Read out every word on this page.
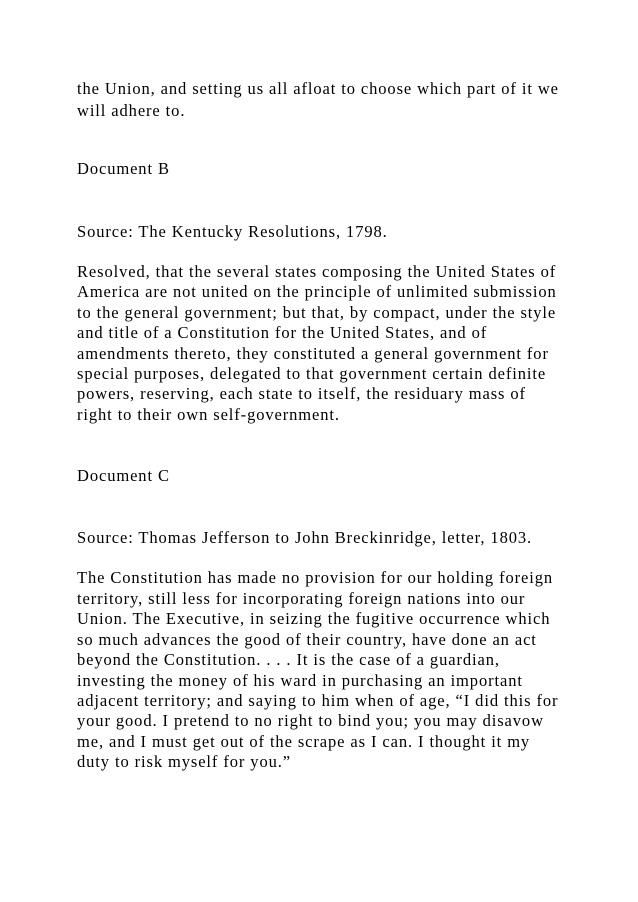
the Union, and setting us all afloat to choose which part of it we
will adhere to.
Document B
Source: The Kentucky Resolutions, 1798.
Resolved, that the several states composing the United States of
America are not united on the principle of unlimited submission
to the general government; but that, by compact, under the style
and title of a Constitution for the United States, and of
amendments thereto, they constituted a general government for
special purposes, delegated to that government certain definite
powers, reserving, each state to itself, the residuary mass of
right to their own self-government.
Document C
Source: Thomas Jefferson to John Breckinridge, letter, 1803.
The Constitution has made no provision for our holding foreign
territory, still less for incorporating foreign nations into our
Union. The Executive, in seizing the fugitive occurrence which
so much advances the good of their country, have done an act
beyond the Constitution. . . . It is the case of a guardian,
investing the money of his ward in purchasing an important
adjacent territory; and saying to him when of age, “I did this for
your good. I pretend to no right to bind you; you may disavow
me, and I must get out of the scrape as I can. I thought it my
duty to risk myself for you.”
